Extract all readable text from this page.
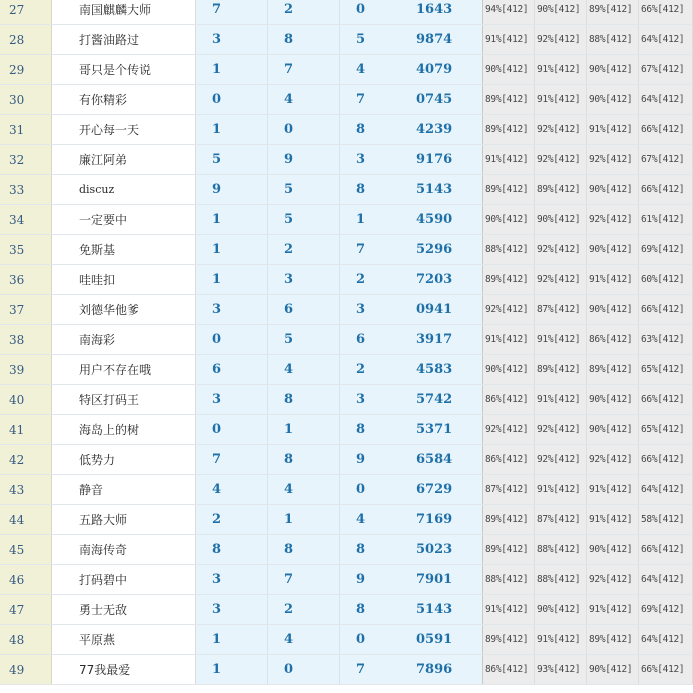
27	南国麒麟大师	7	2	0	1643	94%[412] 90%[412] 89%[412] 66%[412]
28	打酱油路过	3	8	5	9874	91%[412] 92%[412] 88%[412] 64%[412]
29	哥只是个传说	1	7	4	4079	90%[412] 91%[412] 90%[412] 67%[412]
30	有你精彩	0	4	7	0745	89%[412] 91%[412] 90%[412] 64%[412]
31	开心每一天	1	0	8	4239	89%[412] 92%[412] 91%[412] 66%[412]
32	廉江阿弟	5	9	3	9176	91%[412] 92%[412] 92%[412] 67%[412]
33	discuz	9	5	8	5143	89%[412] 89%[412] 90%[412] 66%[412]
34	一定要中	1	5	1	4590	90%[412] 90%[412] 92%[412] 61%[412]
35	免斯基	1	2	7	5296	88%[412] 92%[412] 90%[412] 69%[412]
36	哇哇扣	1	3	2	7203	89%[412] 92%[412] 91%[412] 60%[412]
37	刘德华他爹	3	6	3	0941	92%[412] 87%[412] 90%[412] 66%[412]
38	南海彩	0	5	6	3917	91%[412] 91%[412] 86%[412] 63%[412]
39	用户不存在哦	6	4	2	4583	90%[412] 89%[412] 89%[412] 65%[412]
40	特区打码王	3	8	3	5742	86%[412] 91%[412] 90%[412] 66%[412]
41	海岛上的树	0	1	8	5371	92%[412] 92%[412] 90%[412] 65%[412]
42	低势力	7	8	9	6584	86%[412] 92%[412] 92%[412] 66%[412]
43	静音	4	4	0	6729	87%[412] 91%[412] 91%[412] 64%[412]
44	五路大师	2	1	4	7169	89%[412] 87%[412] 91%[412] 58%[412]
45	南海传奇	8	8	8	5023	89%[412] 88%[412] 90%[412] 66%[412]
46	打码碧中	3	7	9	7901	88%[412] 88%[412] 92%[412] 64%[412]
47	勇士无敌	3	2	8	5143	91%[412] 90%[412] 91%[412] 69%[412]
48	平原燕	1	4	0	0591	89%[412] 91%[412] 89%[412] 64%[412]
49	77我最爱	1	0	7	7896	86%[412] 93%[412] 90%[412] 66%[412]
